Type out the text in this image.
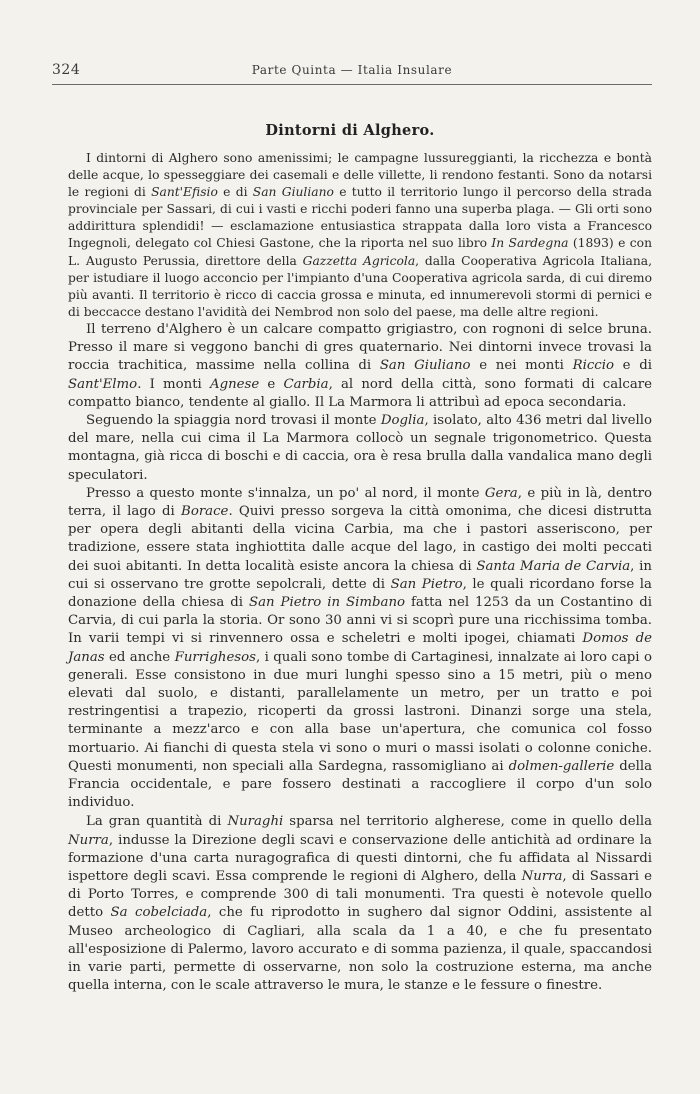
324	Parte Quinta — Italia Insulare
Dintorni di Alghero.

I dintorni di Alghero sono amenissimi; le campagne lussureggianti, la ricchezza e bontà delle acque, lo spesseggiare dei casemali e delle villette, li rendono festanti. Sono da notarsi le regioni di Sant'Efisio e di San Giuliano e tutto il territorio lungo il percorso della strada provinciale per Sassari, di cui i vasti e ricchi poderi fanno una superba plaga. — Gli orti sono addirittura splendidi! — esclamazione entusiastica strappata dalla loro vista a Francesco Ingegnoli, delegato col Chiesi Gastone, che la riporta nel suo libro In Sardegna (1893) e con L. Augusto Perussia, direttore della Gazzetta Agricola, dalla Cooperativa Agricola Italiana, per istudiare il luogo acconcio per l'impianto d'una Cooperativa agricola sarda, di cui diremo più avanti. Il territorio è ricco di caccia grossa e minuta, ed innumerevoli stormi di pernici e di beccacce destano l'avidità dei Nembrod non solo del paese, ma delle altre regioni.

Il terreno d'Alghero è un calcare compatto grigiastro, con rognoni di selce bruna. Presso il mare si veggono banchi di gres quaternario. Nei dintorni invece trovasi la roccia trachitica, massime nella collina di San Giuliano e nei monti Riccio e di Sant'Elmo. I monti Agnese e Carbia, al nord della città, sono formati di calcare compatto bianco, tendente al giallo. Il La Marmora li attribuì ad epoca secondaria.

Seguendo la spiaggia nord trovasi il monte Doglia, isolato, alto 436 metri dal livello del mare, nella cui cima il La Marmora collocò un segnale trigonometrico. Questa montagna, già ricca di boschi e di caccia, ora è resa brulla dalla vandalica mano degli speculatori.

Presso a questo monte s'innalza, un po' al nord, il monte Gera, e più in là, dentro terra, il lago di Borace. Quivi presso sorgeva la città omonima, che dicesi distrutta per opera degli abitanti della vicina Carbia, ma che i pastori asseriscono, per tradizione, essere stata inghiottita dalle acque del lago, in castigo dei molti peccati dei suoi abitanti. In detta località esiste ancora la chiesa di Santa Maria de Carvia, in cui si osservano tre grotte sepolcrali, dette di San Pietro, le quali ricordano forse la donazione della chiesa di San Pietro in Simbano fatta nel 1253 da un Costantino di Carvia, di cui parla la storia. Or sono 30 anni vi si scoprì pure una ricchissima tomba. In varii tempi vi si rinvennero ossa e scheletri e molti ipogei, chiamati Domos de Janas ed anche Furrighesos, i quali sono tombe di Cartaginesi, innalzate ai loro capi o generali. Esse consistono in due muri lunghi spesso sino a 15 metri, più o meno elevati dal suolo, e distanti, parallelamente un metro, per un tratto e poi restringentisi a trapezio, ricoperti da grossi lastroni. Dinanzi sorge una stela, terminante a mezz'arco e con alla base un'apertura, che comunica col fosso mortuario. Ai fianchi di questa stela vi sono o muri o massi isolati o colonne coniche. Questi monumenti, non speciali alla Sardegna, rassomigliano ai dolmen-gallerie della Francia occidentale, e pare fossero destinati a raccogliere il corpo d'un solo individuo.

La gran quantità di Nuraghi sparsa nel territorio algherese, come in quello della Nurra, indusse la Direzione degli scavi e conservazione delle antichità ad ordinare la formazione d'una carta nuragografica di questi dintorni, che fu affidata al Nissardi ispettore degli scavi. Essa comprende le regioni di Alghero, della Nurra, di Sassari e di Porto Torres, e comprende 300 di tali monumenti. Tra questi è notevole quello detto Sa cobelciada, che fu riprodotto in sughero dal signor Oddini, assistente al Museo archeologico di Cagliari, alla scala da 1 a 40, e che fu presentato all'esposizione di Palermo, lavoro accurato e di somma pazienza, il quale, spaccandosi in varie parti, permette di osservarne, non solo la costruzione esterna, ma anche quella interna, con le scale attraverso le mura, le stanze e le fessure o finestre.
